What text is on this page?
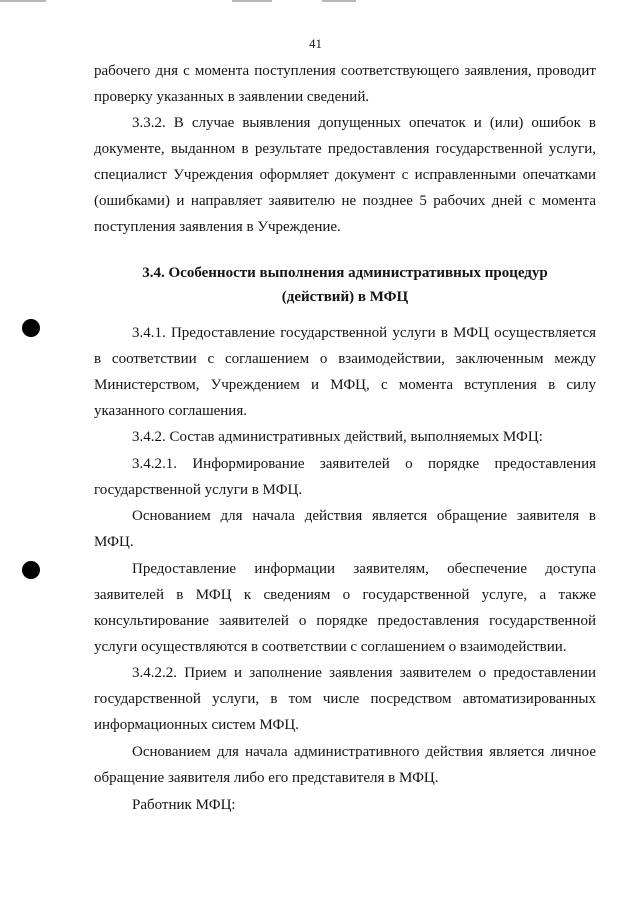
41
рабочего дня с момента поступления соответствующего заявления, проводит
проверку указанных в заявлении сведений.
3.3.2. В случае выявления допущенных опечаток и (или) ошибок в
документе, выданном в результате предоставления государственной услуги,
специалист Учреждения оформляет документ с исправленными опечатками
(ошибками) и направляет заявителю не позднее 5 рабочих дней с момента
поступления заявления в Учреждение.
3.4. Особенности выполнения административных процедур
(действий) в МФЦ
3.4.1. Предоставление государственной услуги в МФЦ осуществляется
в соответствии с соглашением о взаимодействии, заключенным между
Министерством, Учреждением и МФЦ, с момента вступления в силу
указанного соглашения.
3.4.2. Состав административных действий, выполняемых МФЦ:
3.4.2.1. Информирование заявителей о порядке предоставления
государственной услуги в МФЦ.
Основанием для начала действия является обращение заявителя в
МФЦ.
Предоставление информации заявителям, обеспечение доступа
заявителей в МФЦ к сведениям о государственной услуге, а также
консультирование заявителей о порядке предоставления государственной
услуги осуществляются в соответствии с соглашением о взаимодействии.
3.4.2.2. Прием и заполнение заявления заявителем о предоставлении
государственной услуги, в том числе посредством автоматизированных
информационных систем МФЦ.
Основанием для начала административного действия является личное
обращение заявителя либо его представителя в МФЦ.
Работник МФЦ:
